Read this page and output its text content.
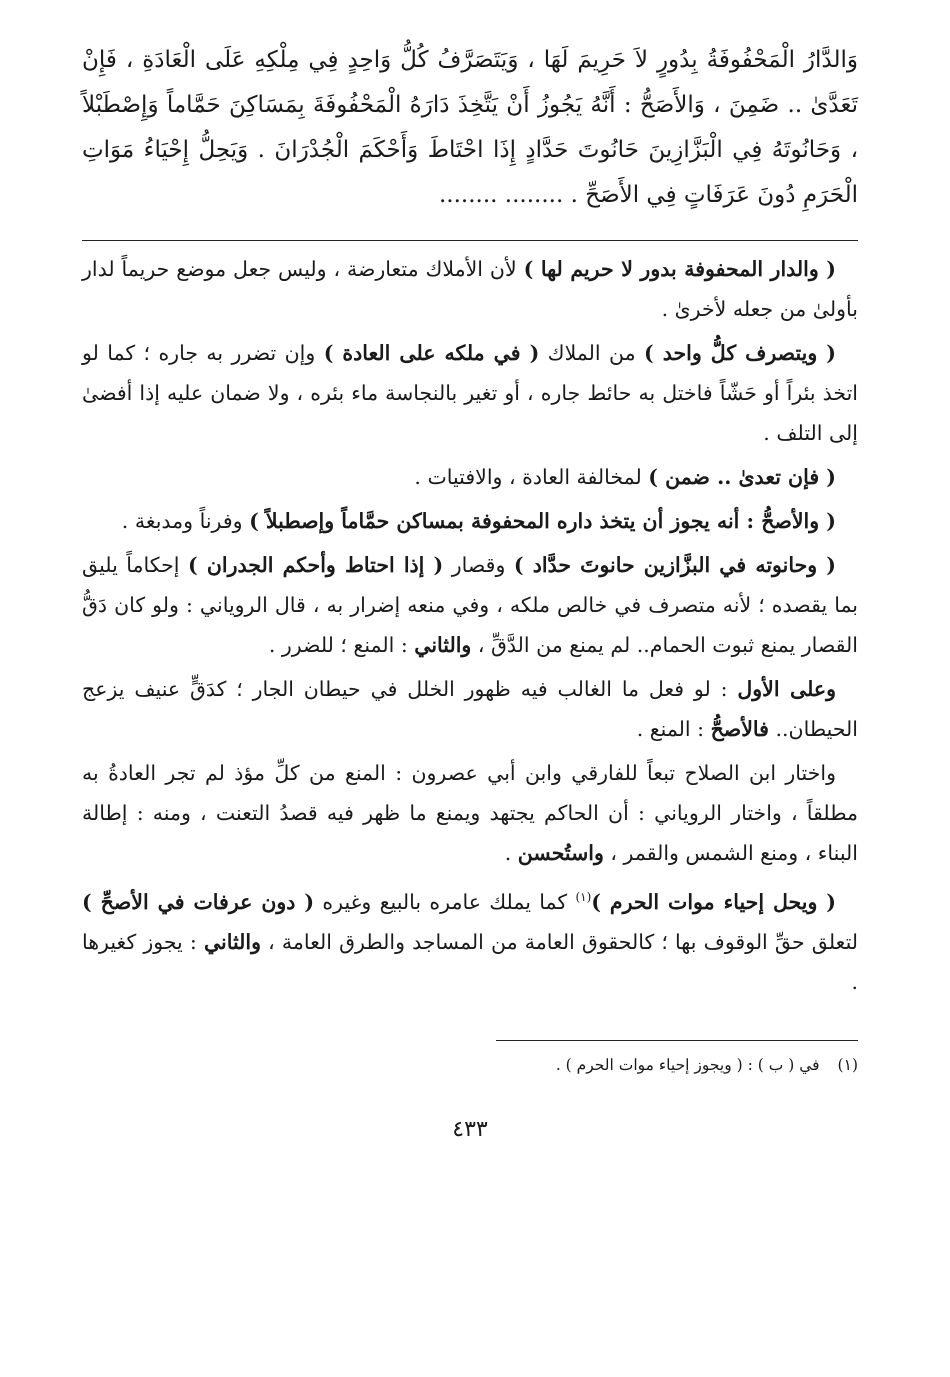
وَالدَّارُ الْمَحْفُوفَةُ بِدُورٍ لاَ حَرِيمَ لَهَا ، وَيَتَصَرَّفُ كُلُّ وَاحِدٍ فِي مِلْكِهِ عَلَى الْعَادَةِ ، فَإِنْ تَعَدَّىٰ .. ضَمِنَ ، وَالأَصَحُّ : أَنَّهُ يَجُوزُ أَنْ يَتَّخِذَ دَارَهُ الْمَحْفُوفَةَ بِمَسَاكِنَ حَمَّاماً وَإِصْطَبْلاً ، وَحَانُوتَهُ فِي الْبَزَّازِينَ حَانُوتَ حَدَّادٍ إِذَا احْتَاطَ وَأَحْكَمَ الْجُدْرَانَ . وَيَحِلُّ إِحْيَاءُ مَوَاتِ الْحَرَمِ دُونَ عَرَفَاتٍ فِي الأَصَحِّ . ........ ........

( والدار المحفوفة بدور لا حريم لها ) لأن الأملاك متعارضة ، وليس جعل موضع حريماً لدار بأولىٰ من جعله لأخرىٰ .

( ويتصرف كلُّ واحد ) من الملاك ( في ملكه على العادة ) وإن تضرر به جاره ؛ كما لو اتخذ بئراً أو حَشّاً فاختل به حائط جاره ، أو تغير بالنجاسة ماء بئره ، ولا ضمان عليه إذا أفضىٰ إلى التلف .

( فإن تعدىٰ .. ضمن ) لمخالفة العادة ، والافتيات .

( والأصحُّ : أنه يجوز أن يتخذ داره المحفوفة بمساكن حمَّاماً وإصطبلاً ) وفرناً ومدبغة .

( وحانوته في البزَّازين حانوتَ حدَّاد ) وقصار ( إذا احتاط وأحكم الجدران ) إحكاماً يليق بما يقصده ؛ لأنه متصرف في خالص ملكه ، وفي منعه إضرار به ، قال الروياني : ولو كان دَقُّ القصار يمنع ثبوت الحمام.. لم يمنع من الدَّقِّ ، والثاني : المنع ؛ للضرر .

وعلى الأول : لو فعل ما الغالب فيه ظهور الخلل في حيطان الجار ؛ كدَقٍّ عنيف يزعج الحيطان.. فالأصحُّ : المنع .

واختار ابن الصلاح تبعاً للفارقي وابن أبي عصرون : المنع من كلِّ مؤذ لم تجر العادةُ به مطلقاً ، واختار الروياني : أن الحاكم يجتهد ويمنع ما ظهر فيه قصدُ التعنت ، ومنه : إطالة البناء ، ومنع الشمس والقمر ، واستُحسن .

( ويحل إحياء موات الحرم )$^{(١)}$ كما يملك عامره بالبيع وغيره ( دون عرفات في الأصحِّ ) لتعلق حقِّ الوقوف بها ؛ كالحقوق العامة من المساجد والطرق العامة ، والثاني : يجوز كغيرها .

(١)في ( ب ) : ( ويجوز إحياء موات الحرم ) .

٤٣٣
